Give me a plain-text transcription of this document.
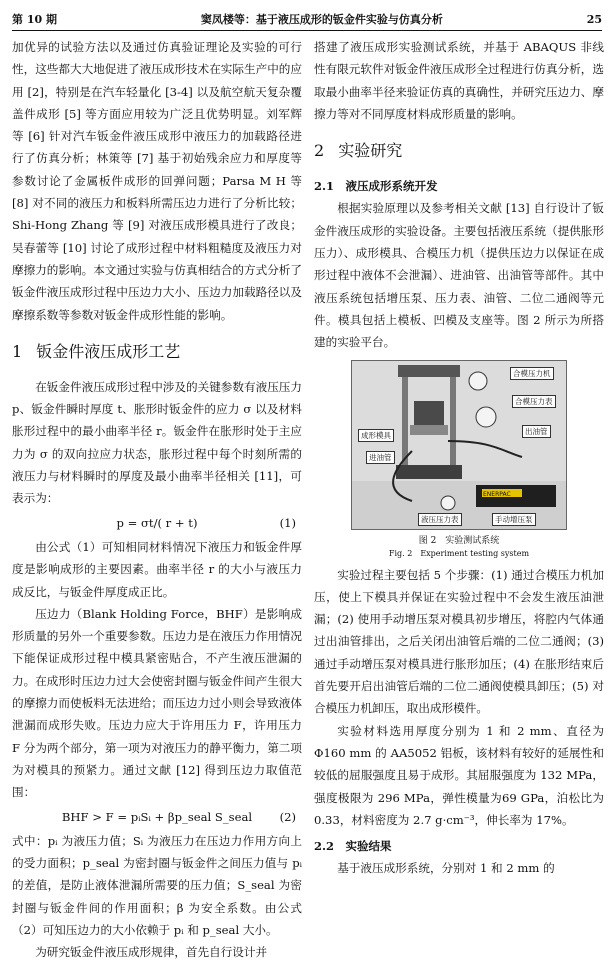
第 10 期	窦凤楼等：基于液压成形的钣金件实验与仿真分析	25

加优异的试验方法以及通过仿真验证理论及实验的可行性，这些都大大地促进了液压成形技术在实际生产中的应用 [2]，特别是在汽车轻量化 [3-4] 以及航空航天复杂覆盖件成形 [5] 等方面应用较为广泛且优势明显。刘军辉等 [6] 针对汽车钣金件液压成形中液压力的加载路径进行了仿真分析；林策等 [7] 基于初始残余应力和厚度等参数讨论了金属板件成形的回弹问题；Parsa M H 等 [8] 对不同的液压力和板料所需压边力进行了分析比较；Shi-Hong Zhang 等 [9] 对液压成形模具进行了改良；吴春蕾等 [10] 讨论了成形过程中材料粗糙度及液压力对摩擦力的影响。本文通过实验与仿真相结合的方式分析了钣金件液压成形过程中压边力大小、压边力加载路径以及摩擦系数等参数对钣金件成形性能的影响。

1 钣金件液压成形工艺

在钣金件液压成形过程中涉及的关键参数有液压压力 p、钣金件瞬时厚度 t、胀形时钣金件的应力 σ 以及材料胀形过程中的最小曲率半径 r。钣金件在胀形时处于主应力为 σ 的双向拉应力状态，胀形过程中每个时刻所需的液压力与材料瞬时的厚度及最小曲率半径相关 [11]，可表示为：

p = σt/( r + t)	(1)

由公式（1）可知相同材料情况下液压力和钣金件厚度是影响成形的主要因素。曲率半径 r 的大小与液压力成反比，与钣金件厚度成正比。

压边力（Blank Holding Force，BHF）是影响成形质量的另外一个重要参数。压边力是在液压力作用情况下能保证成形过程中模具紧密贴合，不产生液压泄漏的力。在成形时压边力过大会使密封圈与钣金件间产生很大的摩擦力而使板料无法进给；而压边力过小则会导致液体泄漏而成形失败。压边力应大于许用压力 F，许用压力 F 分为两个部分，第一项为对液压力的静平衡力，第二项为对模具的预紧力。通过文献 [12] 得到压边力取值范围：

BHF > F = pᵢSᵢ + βp_seal S_seal (2)

式中：pᵢ 为液压力值；Sᵢ 为液压力在压边力作用方向上的受力面积；p_seal 为密封圈与钣金件之间压力值与 pᵢ 的差值，是防止液体泄漏所需要的压力值；S_seal 为密封圈与钣金件间的作用面积；β 为安全系数。由公式（2）可知压边力的大小依赖于 pᵢ 和 p_seal 大小。

为研究钣金件液压成形规律，首先自行设计并

搭建了液压成形实验测试系统，并基于 ABAQUS 非线性有限元软件对钣金件液压成形全过程进行仿真分析，选取最小曲率半径来验证仿真的真确性，并研究压边力、摩擦力等对不同厚度材料成形质量的影响。

2 实验研究

2.1　液压成形系统开发

根据实验原理以及参考相关文献 [13] 自行设计了钣金件液压成形的实验设备。主要包括液压系统（提供胀形压力）、成形模具、合模压力机（提供压边力以保证在成形过程中液体不会泄漏）、进油管、出油管等部件。其中液压系统包括增压泵、压力表、油管、二位二通阀等元件。模具包括上模板、凹模及支座等。图 2 所示为所搭建的实验平台。

ENERPAC
合模压力机
合模压力表
成形模具	出油管
进油管
液压压力表	手动增压泵
图 2　实验测试系统
Fig. 2　Experiment testing system

实验过程主要包括 5 个步骤：(1) 通过合模压力机加压，使上下模具并保证在实验过程中不会发生液压油泄漏；(2) 使用手动增压泵对模具初步增压，将腔内气体通过出油管排出，之后关闭出油管后端的二位二通阀；(3) 通过手动增压泵对模具进行胀形加压；(4) 在胀形结束后首先要开启出油管后端的二位二通阀使模具卸压；(5) 对合模压力机卸压，取出成形模件。

实验材料选用厚度分别为 1 和 2 mm、直径为 Φ160 mm 的 AA5052 铝板，该材料有较好的延展性和较低的屈服强度且易于成形。其屈服强度为 132 MPa，强度极限为 296 MPa，弹性模量为69 GPa，泊松比为 0.33，材料密度为 2.7 g·cm⁻³，伸长率为 17%。

2.2　实验结果

基于液压成形系统，分别对 1 和 2 mm 的
